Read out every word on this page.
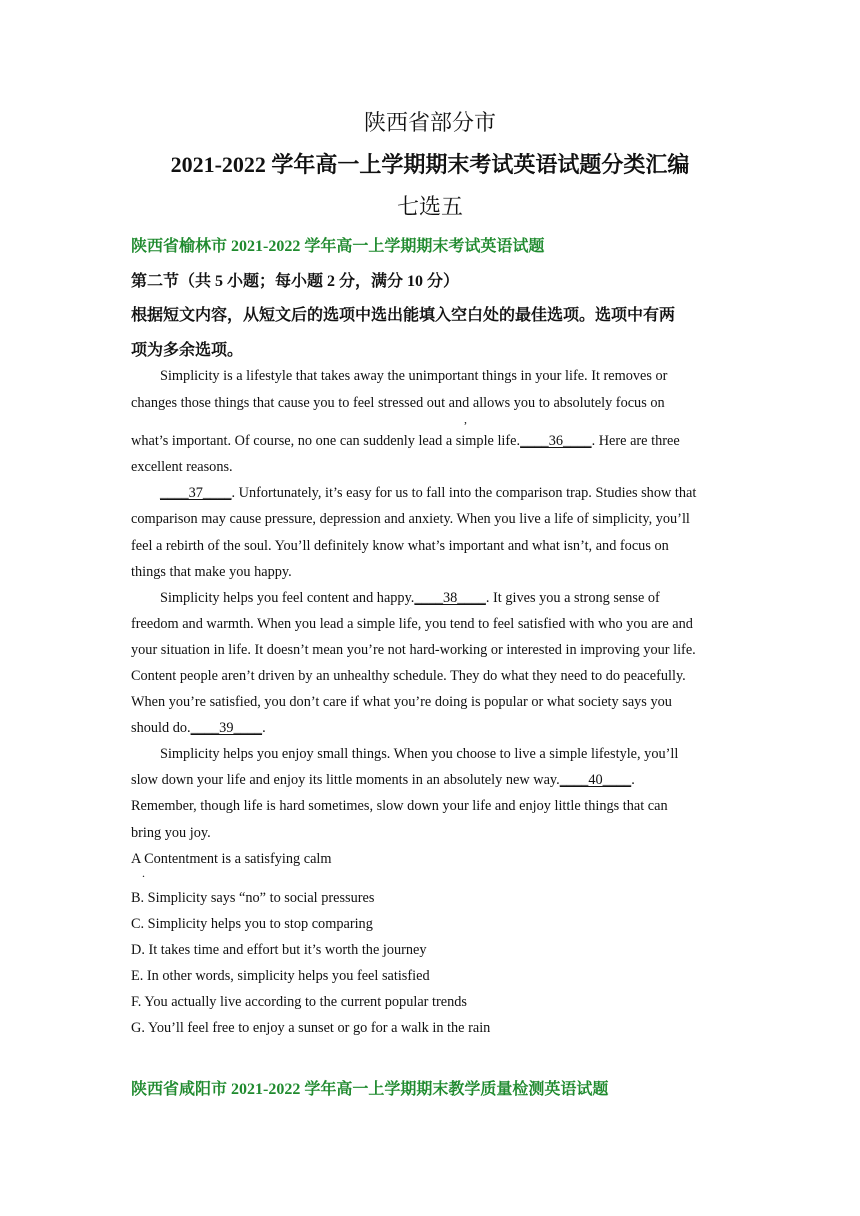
陕西省部分市
2021-2022 学年高一上学期期末考试英语试题分类汇编
七选五
陕西省榆林市 2021-2022 学年高一上学期期末考试英语试题
第二节（共 5 小题；每小题 2 分，满分 10 分）
根据短文内容，从短文后的选项中选出能填入空白处的最佳选项。选项中有两
项为多余选项。
Simplicity is a lifestyle that takes away the unimportant things in your life. It removes or
changes those things that cause you to feel stressed out and allows you to absolutely focus on
,
what’s important. Of course, no one can suddenly lead a simple life.____36____. Here are three
excellent reasons.
____37____. Unfortunately, it’s easy for us to fall into the comparison trap. Studies show that
comparison may cause pressure, depression and anxiety. When you live a life of simplicity, you’ll
feel a rebirth of the soul. You’ll definitely know what’s important and what isn’t, and focus on
things that make you happy.
Simplicity helps you feel content and happy.____38____. It gives you a strong sense of
freedom and warmth. When you lead a simple life, you tend to feel satisfied with who you are and
your situation in life. It doesn’t mean you’re not hard-working or interested in improving your life.
Content people aren’t driven by an unhealthy schedule. They do what they need to do peacefully.
When you’re satisfied, you don’t care if what you’re doing is popular or what society says you
should do.____39____.
Simplicity helps you enjoy small things. When you choose to live a simple lifestyle, you’ll
slow down your life and enjoy its little moments in an absolutely new way.____40____.
Remember, though life is hard sometimes, slow down your life and enjoy little things that can
bring you joy.
A Contentment is a satisfying calm
.
B. Simplicity says “no” to social pressures
C. Simplicity helps you to stop comparing
D. It takes time and effort but it’s worth the journey
E. In other words, simplicity helps you feel satisfied
F. You actually live according to the current popular trends
G. You’ll feel free to enjoy a sunset or go for a walk in the rain
陕西省咸阳市 2021-2022 学年高一上学期期末教学质量检测英语试题
